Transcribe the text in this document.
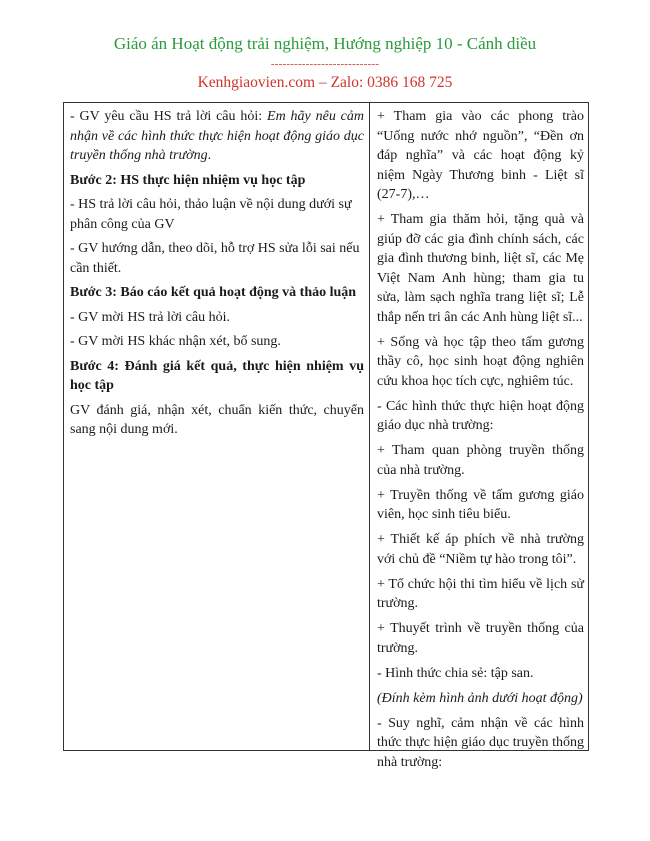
Giáo án Hoạt động trải nghiệm, Hướng nghiệp 10 - Cánh diều
----------------------------
Kenhgiaovien.com – Zalo: 0386 168 725

- GV yêu cầu HS trả lời câu hỏi: Em hãy nêu cảm nhận về các hình thức thực hiện hoạt động giáo dục truyền thống nhà trường.

Bước 2: HS thực hiện nhiệm vụ học tập

- HS trả lời câu hỏi, thảo luận về nội dung dưới sự phân công của GV

- GV hướng dẫn, theo dõi, hỗ trợ HS sửa lỗi sai nếu cần thiết.

Bước 3: Báo cáo kết quả hoạt động và thảo luận

- GV mời HS trả lời câu hỏi.

- GV mời HS khác nhận xét, bổ sung.

Bước 4: Đánh giá kết quả, thực hiện nhiệm vụ học tập

GV đánh giá, nhận xét, chuẩn kiến thức, chuyển sang nội dung mới.

+ Tham gia vào các phong trào “Uống nước nhớ nguồn”, “Đền ơn đáp nghĩa” và các hoạt động kỷ niệm Ngày Thương binh - Liệt sĩ (27-7),…

+ Tham gia thăm hỏi, tặng quà và giúp đỡ các gia đình chính sách, các gia đình thương binh, liệt sĩ, các Mẹ Việt Nam Anh hùng; tham gia tu sửa, làm sạch nghĩa trang liệt sĩ; Lễ thắp nến tri ân các Anh hùng liệt sĩ...

+ Sống và học tập theo tấm gương thầy cô, học sinh hoạt động nghiên cứu khoa học tích cực, nghiêm túc.

- Các hình thức thực hiện hoạt động giáo dục nhà trường:

+ Tham quan phòng truyền thống của nhà trường.

+ Truyền thống về tấm gương giáo viên, học sinh tiêu biểu.

+ Thiết kế áp phích về nhà trường với chủ đề “Niềm tự hào trong tôi”.

+ Tổ chức hội thi tìm hiểu về lịch sử trường.

+ Thuyết trình về truyền thống của trường.

- Hình thức chia sẻ: tập san.

(Đính kèm hình ảnh dưới hoạt động)

- Suy nghĩ, cảm nhận về các hình thức thực hiện giáo dục truyền thống nhà trường:
